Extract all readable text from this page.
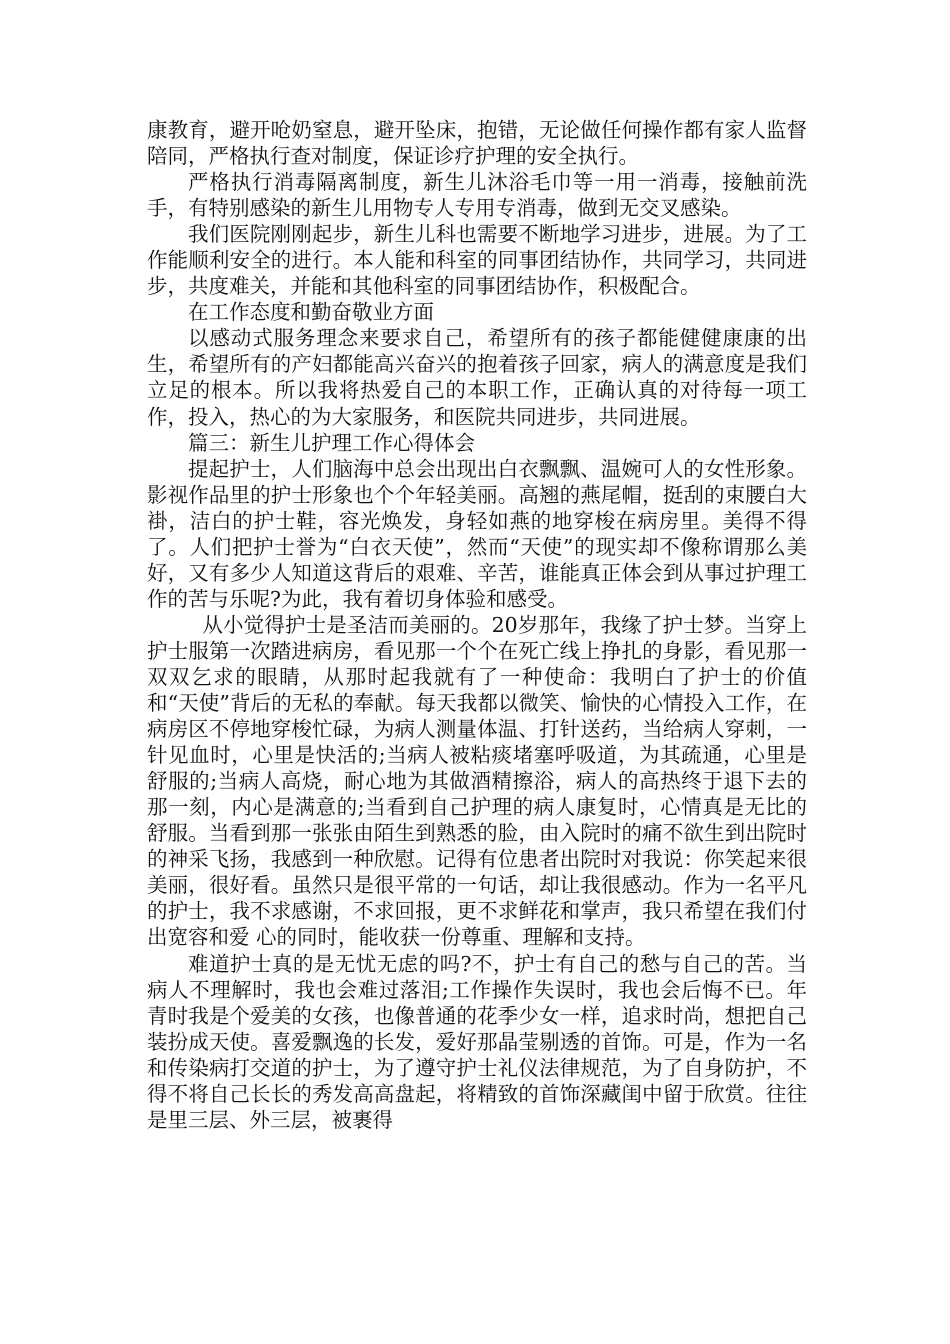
康教育，避开呛奶窒息，避开坠床，抱错，无论做任何操作都有家人监督陪同，严格执行查对制度，保证诊疗护理的安全执行。

严格执行消毒隔离制度，新生儿沐浴毛巾等一用一消毒，接触前洗手，有特别感染的新生儿用物专人专用专消毒，做到无交叉感染。

我们医院刚刚起步，新生儿科也需要不断地学习进步，进展。为了工作能顺利安全的进行。本人能和科室的同事团结协作，共同学习，共同进步，共度难关，并能和其他科室的同事团结协作，积极配合。

在工作态度和勤奋敬业方面

以感动式服务理念来要求自己，希望所有的孩子都能健健康康的出生，希望所有的产妇都能高兴奋兴的抱着孩子回家，病人的满意度是我们立足的根本。所以我将热爱自己的本职工作，正确认真的对待每一项工作，投入，热心的为大家服务，和医院共同进步，共同进展。

篇三：新生儿护理工作心得体会

提起护士，人们脑海中总会出现出白衣飘飘、温婉可人的女性形象。影视作品里的护士形象也个个年轻美丽。高翘的燕尾帽，挺刮的束腰白大褂，洁白的护士鞋，容光焕发，身轻如燕的地穿梭在病房里。美得不得了。人们把护士誉为“白衣天使”，然而“天使”的现实却不像称谓那么美好，又有多少人知道这背后的艰难、辛苦，谁能真正体会到从事过护理工作的苦与乐呢?为此，我有着切身体验和感受。

从小觉得护士是圣洁而美丽的。20岁那年，我缘了护士梦。当穿上护士服第一次踏进病房，看见那一个个在死亡线上挣扎的身影，看见那一双双乞求的眼睛，从那时起我就有了一种使命：我明白了护士的价值和“天使”背后的无私的奉献。每天我都以微笑、愉快的心情投入工作，在病房区不停地穿梭忙碌，为病人测量体温、打针送药，当给病人穿刺，一针见血时，心里是快活的;当病人被粘痰堵塞呼吸道，为其疏通，心里是舒服的;当病人高烧，耐心地为其做酒精擦浴，病人的高热终于退下去的那一刻，内心是满意的;当看到自己护理的病人康复时，心情真是无比的舒服。当看到那一张张由陌生到熟悉的脸，由入院时的痛不欲生到出院时的神采飞扬，我感到一种欣慰。记得有位患者出院时对我说：你笑起来很美丽，很好看。虽然只是很平常的一句话，却让我很感动。作为一名平凡的护士，我不求感谢，不求回报，更不求鲜花和掌声，我只希望在我们付出宽容和爱 心的同时，能收获一份尊重、理解和支持。

难道护士真的是无忧无虑的吗?不，护士有自己的愁与自己的苦。当病人不理解时，我也会难过落泪;工作操作失误时，我也会后悔不已。年青时我是个爱美的女孩，也像普通的花季少女一样，追求时尚，想把自己装扮成天使。喜爱飘逸的长发，爱好那晶莹剔透的首饰。可是，作为一名和传染病打交道的护士，为了遵守护士礼仪法律规范，为了自身防护，不得不将自己长长的秀发高高盘起，将精致的首饰深藏闺中留于欣赏。往往是里三层、外三层，被裹得
